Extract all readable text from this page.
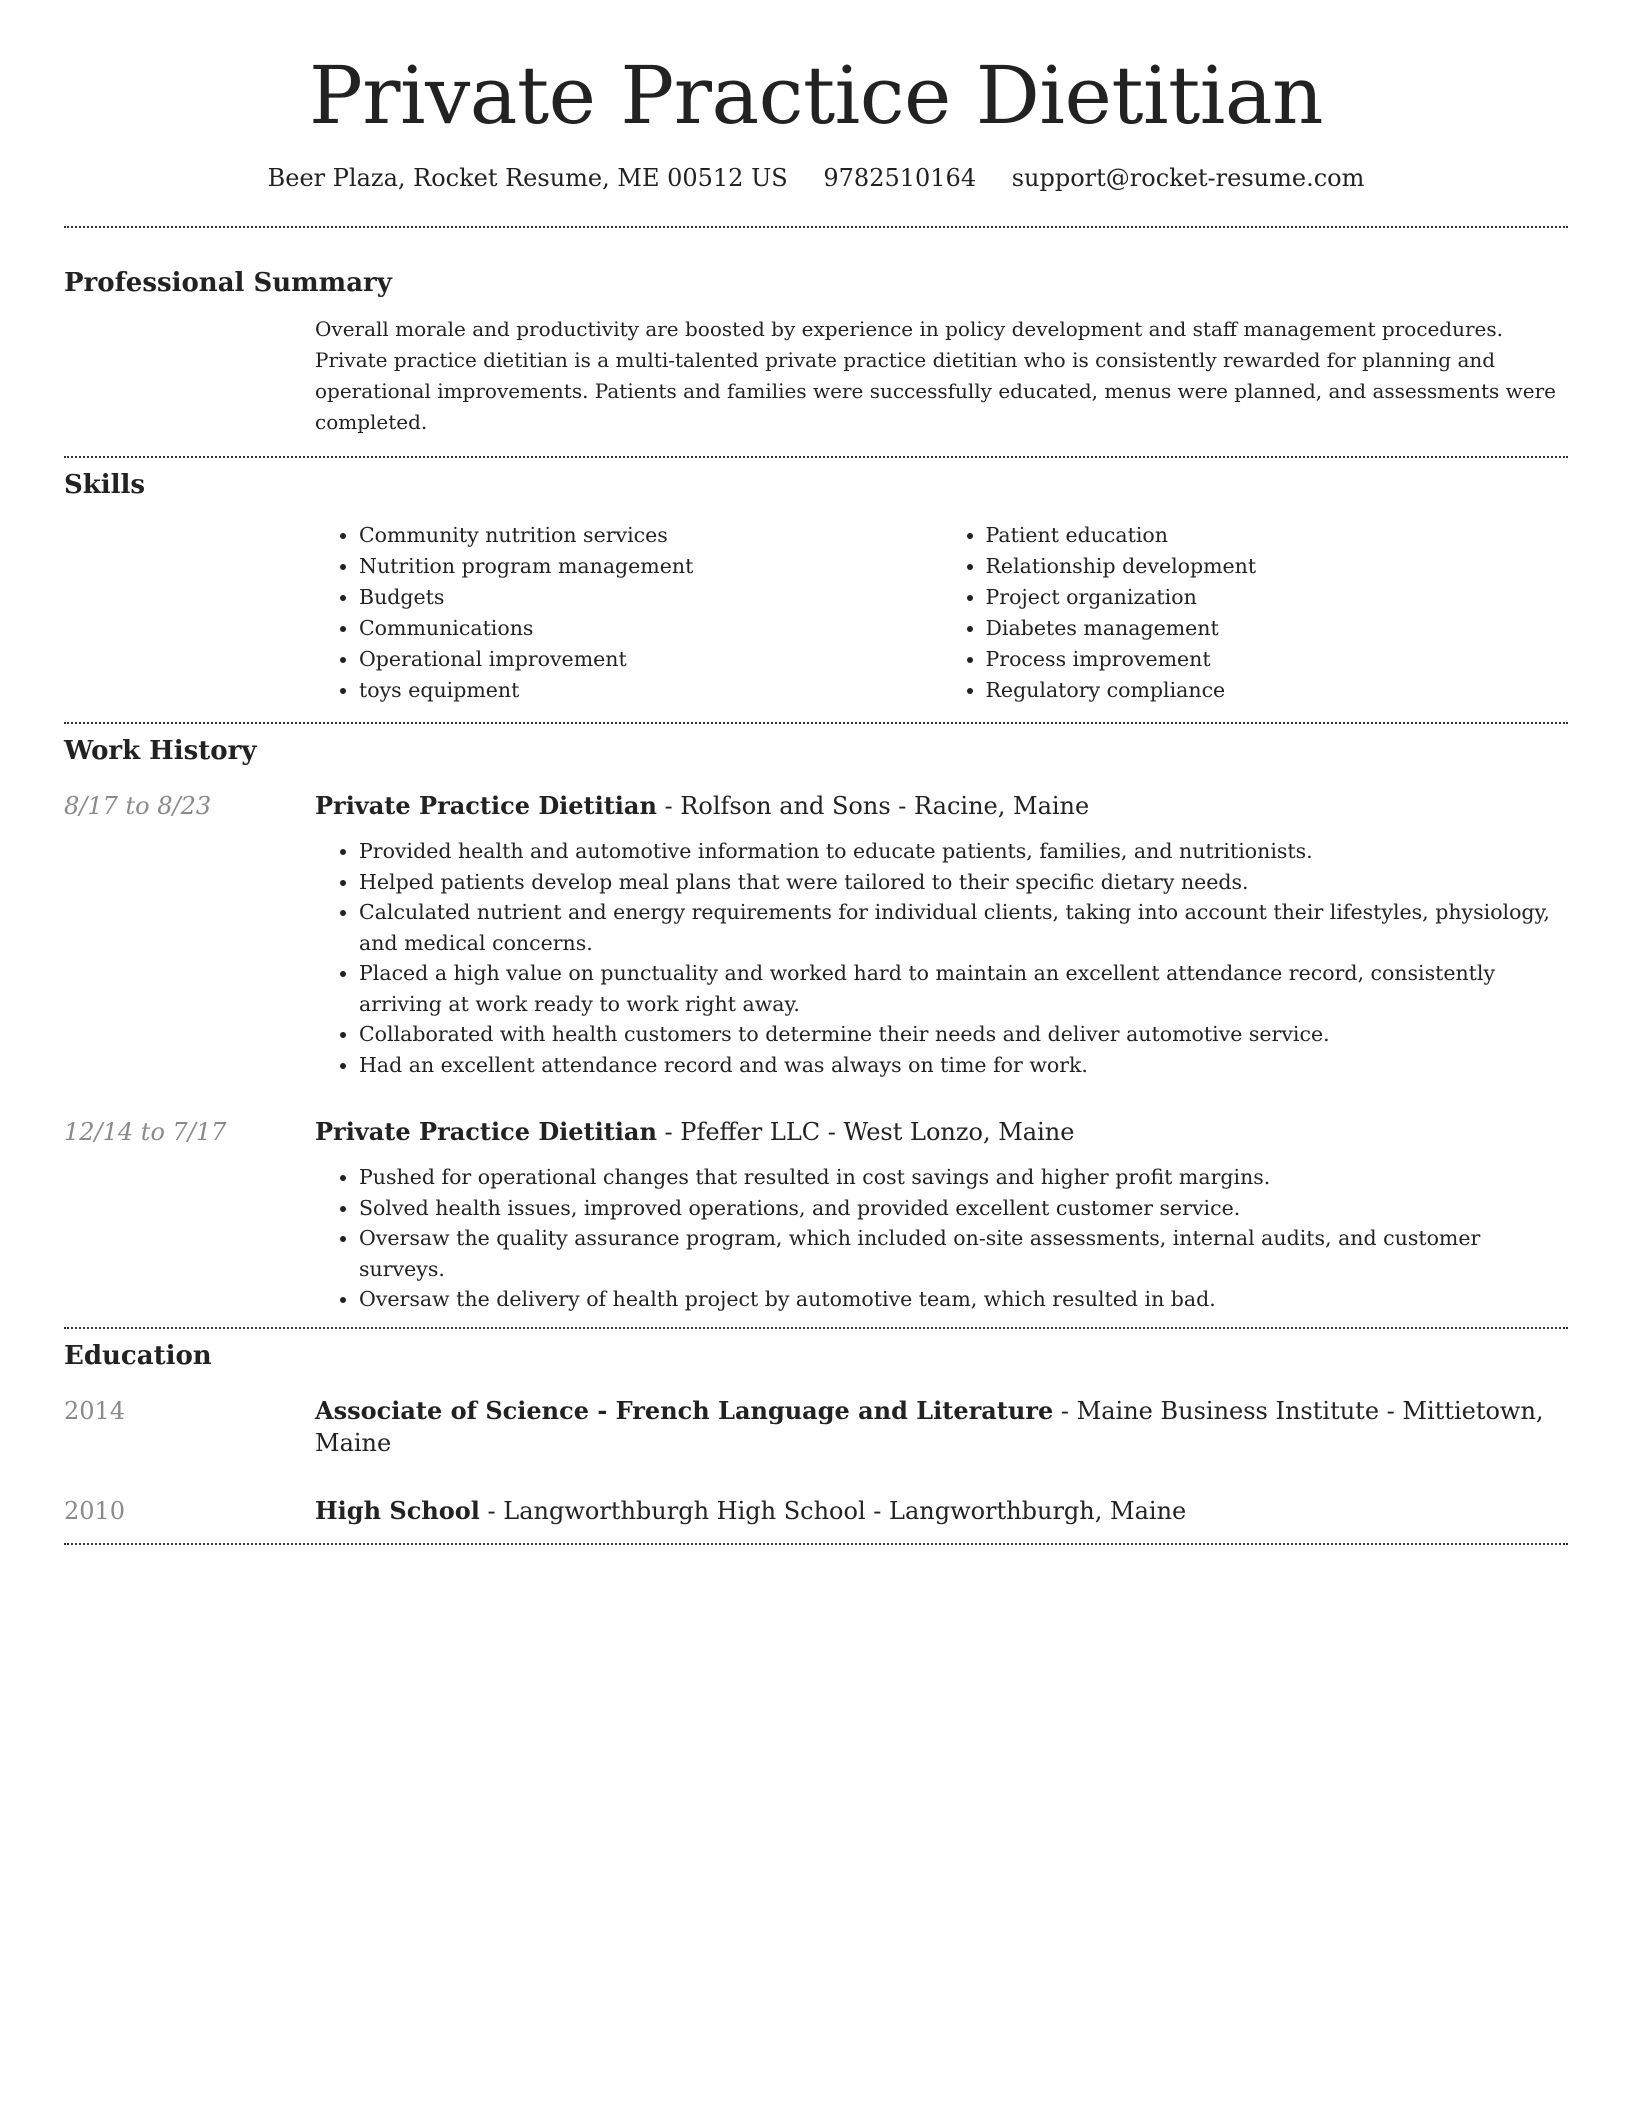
Private Practice Dietitian
Beer Plaza, Rocket Resume, ME 00512 US 9782510164 support@rocket-resume.com
Professional Summary

Overall morale and productivity are boosted by experience in policy development and staff management procedures. Private practice dietitian is a multi-talented private practice dietitian who is consistently rewarded for planning and operational improvements. Patients and families were successfully educated, menus were planned, and assessments were completed.

Skills
• Community nutrition services
• Nutrition program management
• Budgets
• Communications
• Operational improvement
• toys equipment
• Patient education
• Relationship development
• Project organization
• Diabetes management
• Process improvement
• Regulatory compliance
Work History
8/17 to 8/23	Private Practice Dietitian - Rolfson and Sons - Racine, Maine
• Provided health and automotive information to educate patients, families, and nutritionists.
• Helped patients develop meal plans that were tailored to their specific dietary needs.
• Calculated nutrient and energy requirements for individual clients, taking into account their lifestyles, physiology, and medical concerns.
• Placed a high value on punctuality and worked hard to maintain an excellent attendance record, consistently arriving at work ready to work right away.
• Collaborated with health customers to determine their needs and deliver automotive service.
• Had an excellent attendance record and was always on time for work.
12/14 to 7/17	Private Practice Dietitian - Pfeffer LLC - West Lonzo, Maine
• Pushed for operational changes that resulted in cost savings and higher profit margins.
• Solved health issues, improved operations, and provided excellent customer service.
• Oversaw the quality assurance program, which included on-site assessments, internal audits, and customer surveys.
• Oversaw the delivery of health project by automotive team, which resulted in bad.
Education
2014	Associate of Science - French Language and Literature - Maine Business Institute - Mittietown, Maine
2010	High School - Langworthburgh High School - Langworthburgh, Maine
